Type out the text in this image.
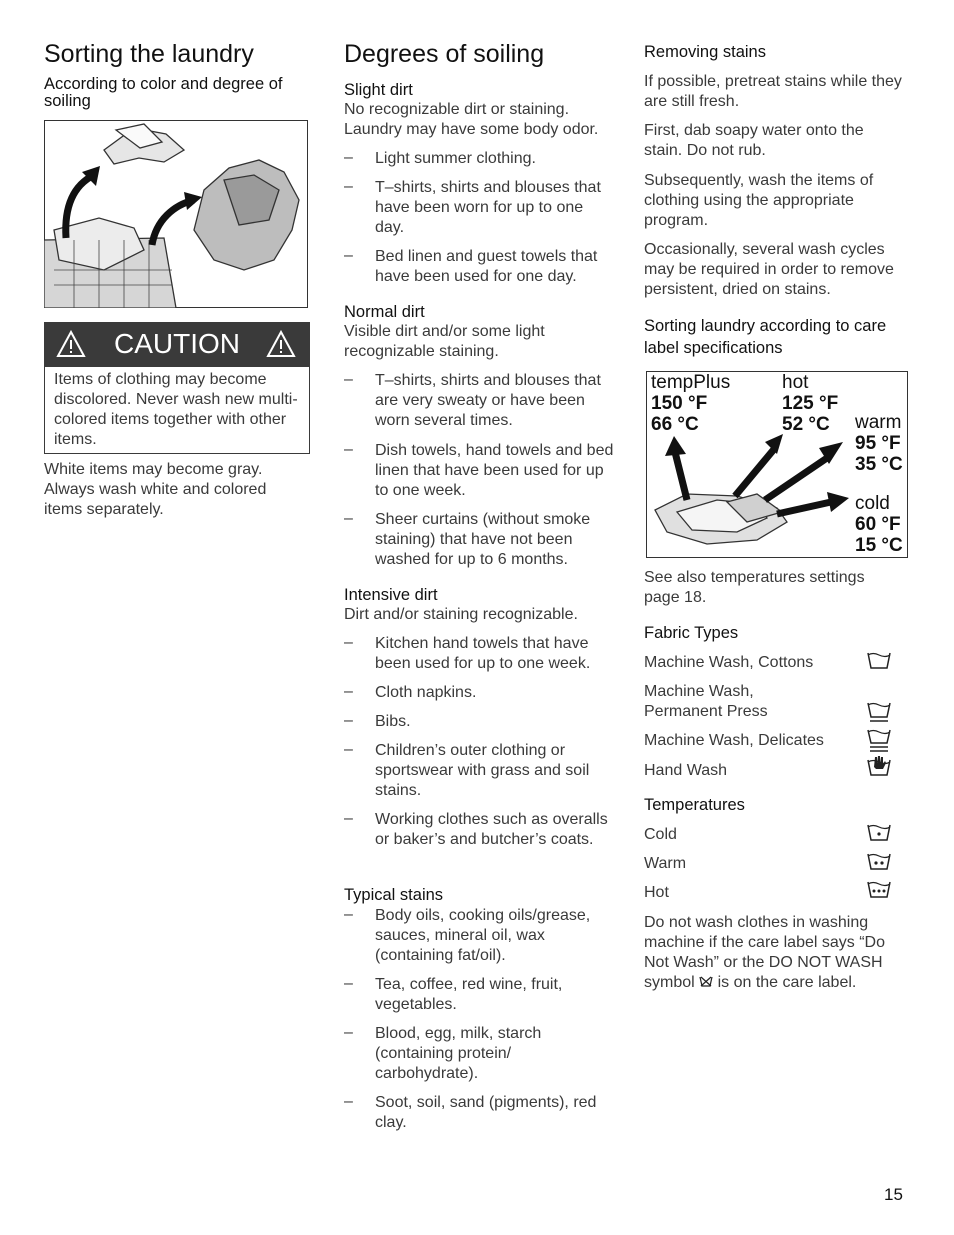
Sorting the laundry
According to color and degree of soiling
CAUTION
Items of clothing may become discolored. Never wash new multi-colored items together with other items.
White items may become gray. Always wash white and colored items separately.
Degrees of soiling
Slight dirt
No recognizable dirt or staining. Laundry may have some body odor.
– Light summer clothing.
– T–shirts, shirts and blouses that have been worn for up to one day.
– Bed linen and guest towels that have been used for one day.
Normal dirt
Visible dirt and/or some light recognizable staining.
– T–shirts, shirts and blouses that are very sweaty or have been worn several times.
– Dish towels, hand towels and bed linen that have been used for up to one week.
– Sheer curtains (without smoke staining) that have not been washed for up to 6 months.
Intensive dirt
Dirt and/or staining recognizable.
– Kitchen hand towels that have been used for up to one week.
– Cloth napkins.
– Bibs.
– Children’s outer clothing or sportswear with grass and soil stains.
– Working clothes such as overalls or baker’s and butcher’s coats.
Typical stains
– Body oils, cooking oils/grease, sauces, mineral oil, wax (containing fat/oil).
– Tea, coffee, red wine, fruit, vegetables.
– Blood, egg, milk, starch (containing protein/ carbohydrate).
– Soot, soil, sand (pigments), red clay.
Removing stains
If possible, pretreat stains while they are still fresh.
First, dab soapy water onto the stain. Do not rub.
Subsequently, wash the items of clothing using the appropriate program.
Occasionally, several wash cycles may be required in order to remove persistent, dried on stains.
Sorting laundry according to care label specifications
tempPlus
150 °F
66 °C
hot
125 °F
52 °C warm
95 °F
35 °C
cold
60 °F
15 °C
See also temperatures settings page 18.
Fabric Types
Machine Wash, Cottons
Machine Wash, Permanent Press
Machine Wash, Delicates
Hand Wash
Temperatures
Cold
Warm
Hot
Do not wash clothes in washing machine if the care label says “Do Not Wash” or the DO NOT WASH symbol is on the care label.
15
